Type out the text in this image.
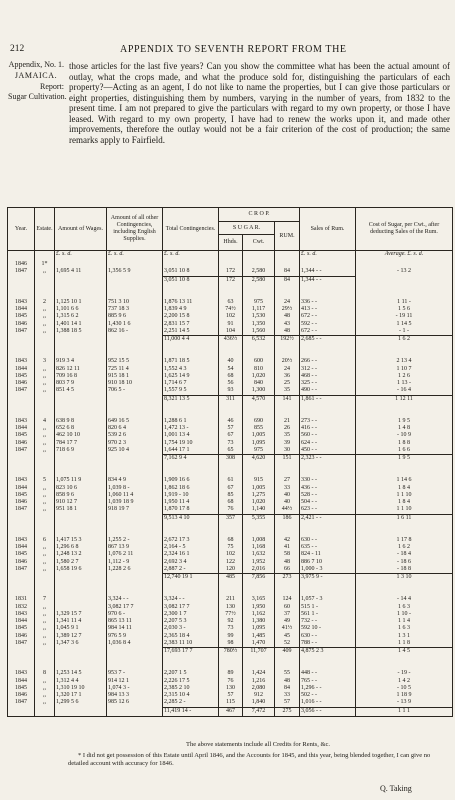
212	APPENDIX TO SEVENTH REPORT FROM THE
Appendix, No. 1.
JAMAICA.
Report:
Sugar Cultivation.
those articles for the last five years? Can you show the committee what has been the actual amount of outlay, what the crops made, and what the produce sold for, distinguishing the particulars of each property?—Acting as an agent, I do not like to name the properties, but I can give those particulars or eight properties, distinguishing them by numbers, varying in the number of years, from 1832 to the present time. I am not prepared to give the particulars with regard to my own property, or those I have leased. With regard to my own property, I have had to renew the works upon it, and made other improvements, therefore the outlay would not be a fair criterion of the cost of production; the same remarks apply to Fairfield.
Year.	Estate.	Amount of Wages.	Amount of all other Contingencies, including English Supplies.	Total Contingencies.	C R O P.			Sales of Rum.	Cost of Sugar, per Cwt., after deducting Sales of the Rum.
					S U G A R.		RUM.		
					Hhds.	Cwt.			
		£. s. d.	£. s. d.	£. s. d.				£. s. d.	Average. £. s. d.
1846	1*								
1847	,,	1,695 4 11	1,356 5 9	3,051 10 8	172	2,580	84	1,344 - -	- 13 2
				3,051 10 8	172	2,580	84	1,344 - -	

1843	2	1,125 10 1	751 3 10	1,876 13 11	63	975	24	336 - -	1 11 -
1844	,,	1,101 6 6	737 18 3	1,839 4 9	74½	1,117	29½	413 - -	1 5 6
1845	,,	1,315 6 2	885 9 6	2,200 15 8	102	1,530	48	672 - -	- 19 11
1846	,,	1,401 14 1	1,430 1 6	2,831 15 7	91	1,350	43	592 - -	1 14 5
1847	,,	1,388 18 5	862 16 -	2,251 14 5	104	1,560	48	672 - -	- 1 -
				11,000 4 4	436½	6,532	192½	2,685 - -	1 6 2

1843	3	919 3 4	952 15 5	1,871 18 5	40	600	20½	266 - -	2 13 4
1844	,,	826 12 11	725 11 4	1,552 4 3	54	810	24	312 - -	1 10 7
1845	,,	709 16 8	915 18 1	1,625 14 9	68	1,020	36	468 - -	1 2 6
1846	,,	803 7 9	910 18 10	1,714 6 7	56	840	25	325 - -	1 13 -
1847	,,	851 4 5	706 5 -	1,557 9 5	93	1,300	35	490 - -	- 16 4
				8,321 13 5	311	4,570	141	1,861 - -	1 12 11

1843	4	638 9 8	649 16 5	1,288 6 1	46	690	21	273 - -	1 9 5
1844	,,	652 6 8	820 6 4	1,472 13 -	57	855	26	416 - -	1 4 8
1845	,,	462 10 10	539 2 6	1,001 13 4	67	1,005	35	560 - -	- 10 9
1846	,,	784 17 7	970 2 3	1,754 19 10	73	1,095	39	624 - -	1 8 8
1847	,,	718 6 9	925 10 4	1,644 17 1	65	975	30	450 - -	1 6 6
				7,162 9 4	308	4,620	151	2,323 - -	1 9 5

1843	5	1,075 11 9	834 4 9	1,909 16 6	61	915	27	330 - -	1 14 6
1844	,,	823 10 6	1,039 8 -	1,862 18 6	67	1,005	33	436 - -	1 8 4
1845	,,	858 9 6	1,060 11 4	1,919 - 10	85	1,275	40	528 - -	1 1 10
1846	,,	910 12 7	1,039 18 9	1,950 11 4	68	1,020	40	504 - -	1 8 4
1847	,,	951 18 1	918 19 7	1,870 17 8	76	1,140	44½	623 - -	1 1 10
				9,513 4 10	357	5,355	186	2,421 - -	1 6 11

1843	6	1,417 15 3	1,255 2 -	2,672 17 3	68	1,008	42	630 - -	1 17 8
1844	,,	1,296 6 8	867 13 9	2,164 - 5	75	1,168	41	635 - -	1 6 2
1845	,,	1,248 13 2	1,076 2 11	2,324 16 1	102	1,632	58	824 - 11	- 18 4
1846	,,	1,580 2 7	1,112 - 9	2,692 3 4	122	1,952	48	886 7 10	- 18 6
1847	,,	1,658 19 6	1,228 2 6	2,887 2 -	120	2,016	66	1,000 - 3	- 18 8
				12,740 19 1	485	7,856	273	3,975 9 -	1 3 10

1831	7		3,324 - -	3,324 - -	211	3,165	124	1,057 - 3	- 14 4
1832	,,		3,082 17 7	3,082 17 7	130	1,950	60	515 1 -	1 6 3
1843	,,	1,329 15 7	970 6 -	2,300 1 7	77½	1,162	37	561 1 -	1 10 -
1844	,,	1,341 11 4	865 13 11	2,207 5 3	92	1,380	49	732 - -	1 1 4
1845	,,	1,045 9 1	984 14 11	2,030 3 -	73	1,095	41½	592 10 -	1 6 3
1846	,,	1,389 12 7	976 5 9	2,365 18 4	99	1,485	45	630 - -	1 3 1
1847	,,	1,347 3 6	1,036 8 4	2,383 11 10	98	1,470	52	788 - -	1 1 8
				17,693 17 7	780½	11,707	409	4,875 2 3	1 4 5

1843	8	1,253 14 5	953 7 -	2,207 1 5	89	1,424	55	448 - -	- 19 -
1844	,,	1,312 4 4	914 12 1	2,226 17 5	76	1,216	48	765 - -	1 4 2
1845	,,	1,310 19 10	1,074 3 -	2,385 2 10	130	2,080	84	1,296 - -	- 10 5
1846	,,	1,320 17 1	984 13 3	2,315 10 4	57	912	33	502 - -	1 18 9
1847	,,	1,299 5 6	985 12 6	2,285 2 -	115	1,840	57	1,016 - -	- 13 9
				11,419 14 -	467	7,472	275	3,056 - -	1 1 1
The above statements include all Credits for Rents, &c.
* I did not get possession of this Estate until April 1846, and the Accounts for 1845, and this year, being blended together, I can give no detailed account with accuracy for 1846.
Q. Taking
